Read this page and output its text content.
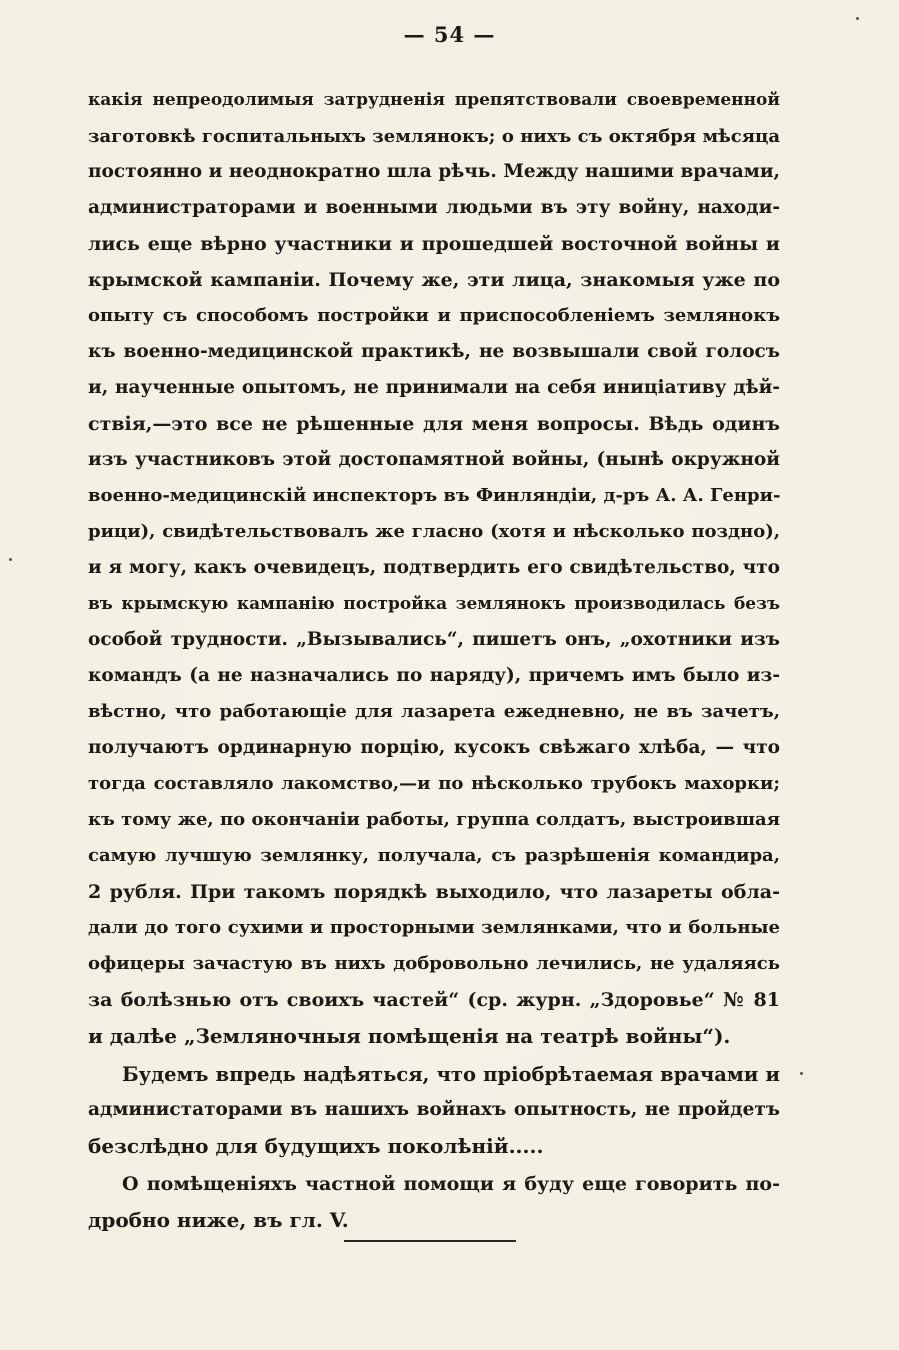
— 54 —
какія непреодолимыя затрудненія препятствовали своевременной
заготовкѣ госпитальныхъ землянокъ; о нихъ съ октября мѣсяца
постоянно и неоднократно шла рѣчь. Между нашими врачами,
администраторами и военными людьми въ эту войну, находи-
лись еще вѣрно участники и прошедшей восточной войны и
крымской кампаніи. Почему же, эти лица, знакомыя уже по
опыту съ способомъ постройки и приспособленіемъ землянокъ
къ военно-медицинской практикѣ, не возвышали свой голосъ
и, наученные опытомъ, не принимали на себя иниціативу дѣй-
ствія,—это все не рѣшенные для меня вопросы. Вѣдь одинъ
изъ участниковъ этой достопамятной войны, (нынѣ окружной
военно-медицинскій инспекторъ въ Финляндіи, д-ръ А. А. Генри-
рици), свидѣтельствовалъ же гласно (хотя и нѣсколько поздно),
и я могу, какъ очевидецъ, подтвердить его свидѣтельство, что
въ крымскую кампанію постройка землянокъ производилась безъ
особой трудности. „Вызывались“, пишетъ онъ, „охотники изъ
командъ (а не назначались по наряду), причемъ имъ было из-
вѣстно, что работающіе для лазарета ежедневно, не въ зачетъ,
получаютъ ординарную порцію, кусокъ свѣжаго хлѣба, — что
тогда составляло лакомство,—и по нѣсколько трубокъ махорки;
къ тому же, по окончаніи работы, группа солдатъ, выстроившая
самую лучшую землянку, получала, съ разрѣшенія командира,
2 рубля. При такомъ порядкѣ выходило, что лазареты обла-
дали до того сухими и просторными землянками, что и больные
офицеры зачастую въ нихъ добровольно лечились, не удаляясь
за болѣзнью отъ своихъ частей“ (ср. журн. „Здоровье“ № 81
и далѣе „Земляночныя помѣщенія на театрѣ войны“).
Будемъ впредь надѣяться, что пріобрѣтаемая врачами и
администаторами въ нашихъ войнахъ опытность, не пройдетъ
безслѣдно для будущихъ поколѣній.....
О помѣщеніяхъ частной помощи я буду еще говорить по-
дробно ниже, въ гл. V.
